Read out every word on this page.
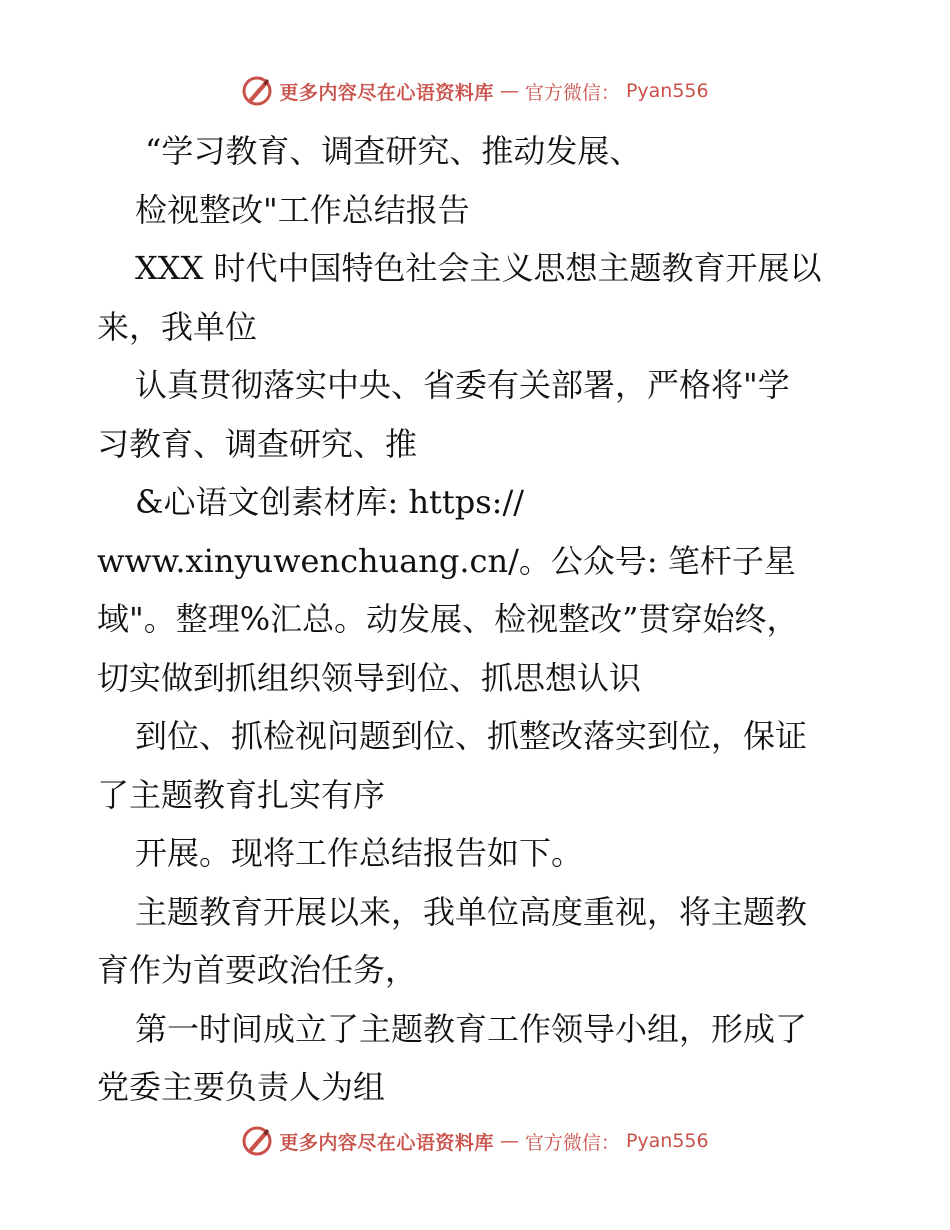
更多内容尽在心语资料库 — 官方微信： Pyan556
“学习教育、调查研究、推动发展、
检视整改"工作总结报告
XXX 时代中国特色社会主义思想主题教育开展以
来，我单位
认真贯彻落实中央、省委有关部署，严格将"学
习教育、调查研究、推
&心语文创素材库: https://
www.xinyuwenchuang.cn/。公众号: 笔杆子星
域"。整理%汇总。动发展、检视整改”贯穿始终，
切实做到抓组织领导到位、抓思想认识
到位、抓检视问题到位、抓整改落实到位，保证
了主题教育扎实有序
开展。现将工作总结报告如下。
主题教育开展以来，我单位高度重视，将主题教
育作为首要政治任务，
第一时间成立了主题教育工作领导小组，形成了
党委主要负责人为组
更多内容尽在心语资料库 — 官方微信： Pyan556
